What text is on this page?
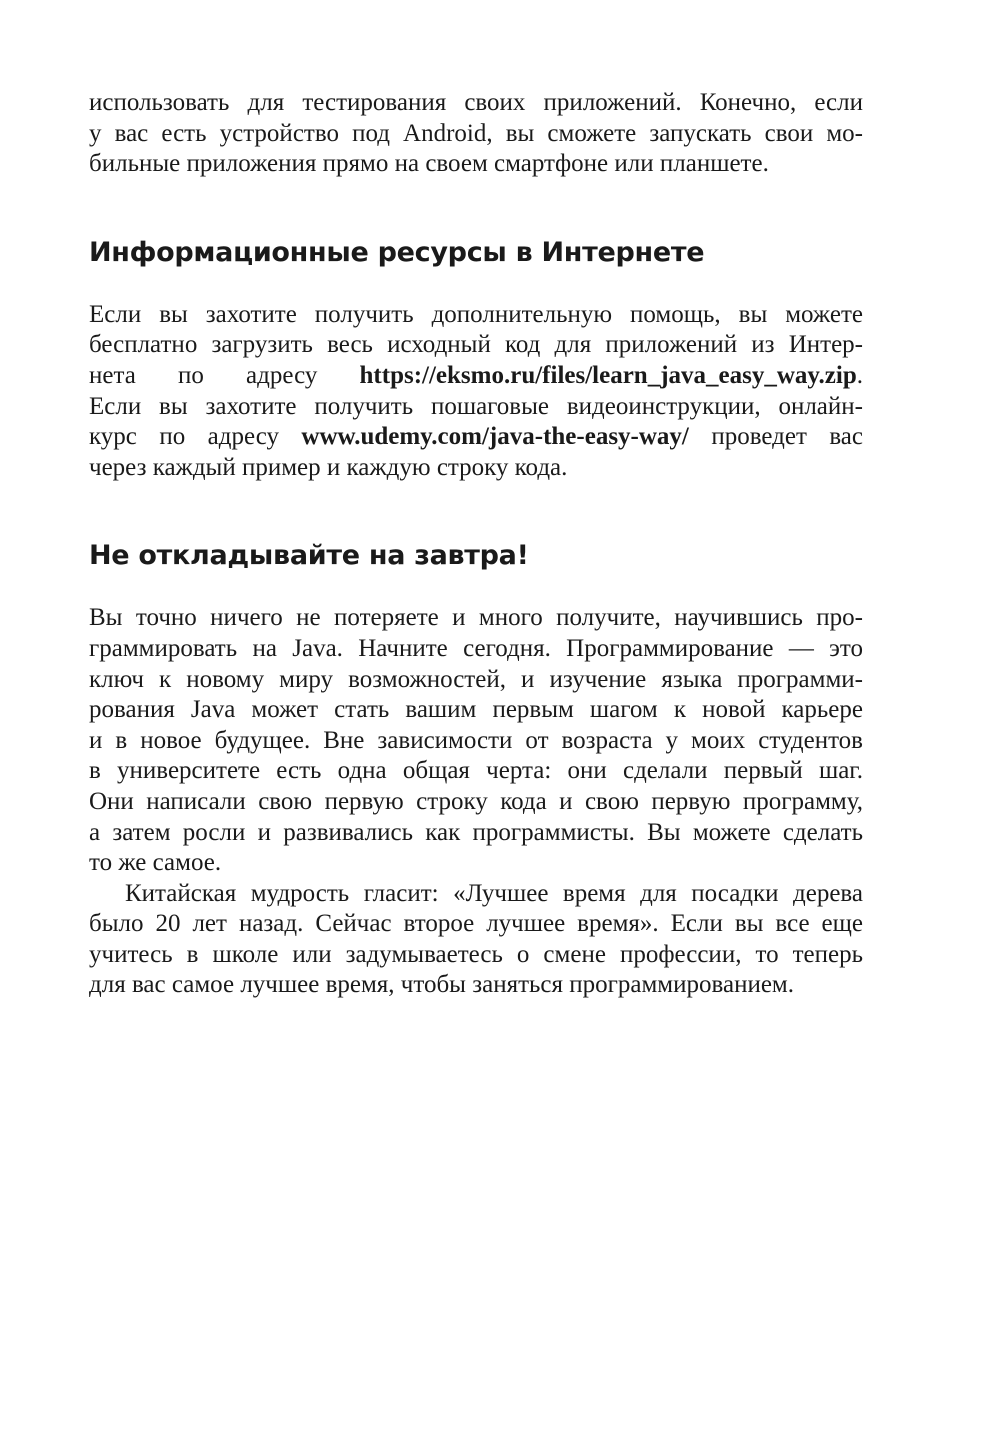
использовать для тестирования своих приложений. Конечно, если
у вас есть устройство под Android, вы сможете запускать свои мо-
бильные приложения прямо на своем смартфоне или планшете.

Информационные ресурсы в Интернете

Если вы захотите получить дополнительную помощь, вы можете
бесплатно загрузить весь исходный код для приложений из Интер-
нета по адресу https://eksmo.ru/files/learn_java_easy_way.zip.
Если вы захотите получить пошаговые видеоинструкции, онлайн-
курс по адресу www.udemy.com/java-the-easy-way/ проведет вас
через каждый пример и каждую строку кода.

Не откладывайте на завтра!

Вы точно ничего не потеряете и много получите, научившись про-
граммировать на Java. Начните сегодня. Программирование — это
ключ к новому миру возможностей, и изучение языка программи-
рования Java может стать вашим первым шагом к новой карьере
и в новое будущее. Вне зависимости от возраста у моих студентов
в университете есть одна общая черта: они сделали первый шаг.
Они написали свою первую строку кода и свою первую программу,
а затем росли и развивались как программисты. Вы можете сделать
то же самое.

Китайская мудрость гласит: «Лучшее время для посадки дерева
было 20 лет назад. Сейчас второе лучшее время». Если вы все еще
учитесь в школе или задумываетесь о смене профессии, то теперь
для вас самое лучшее время, чтобы заняться программированием.
